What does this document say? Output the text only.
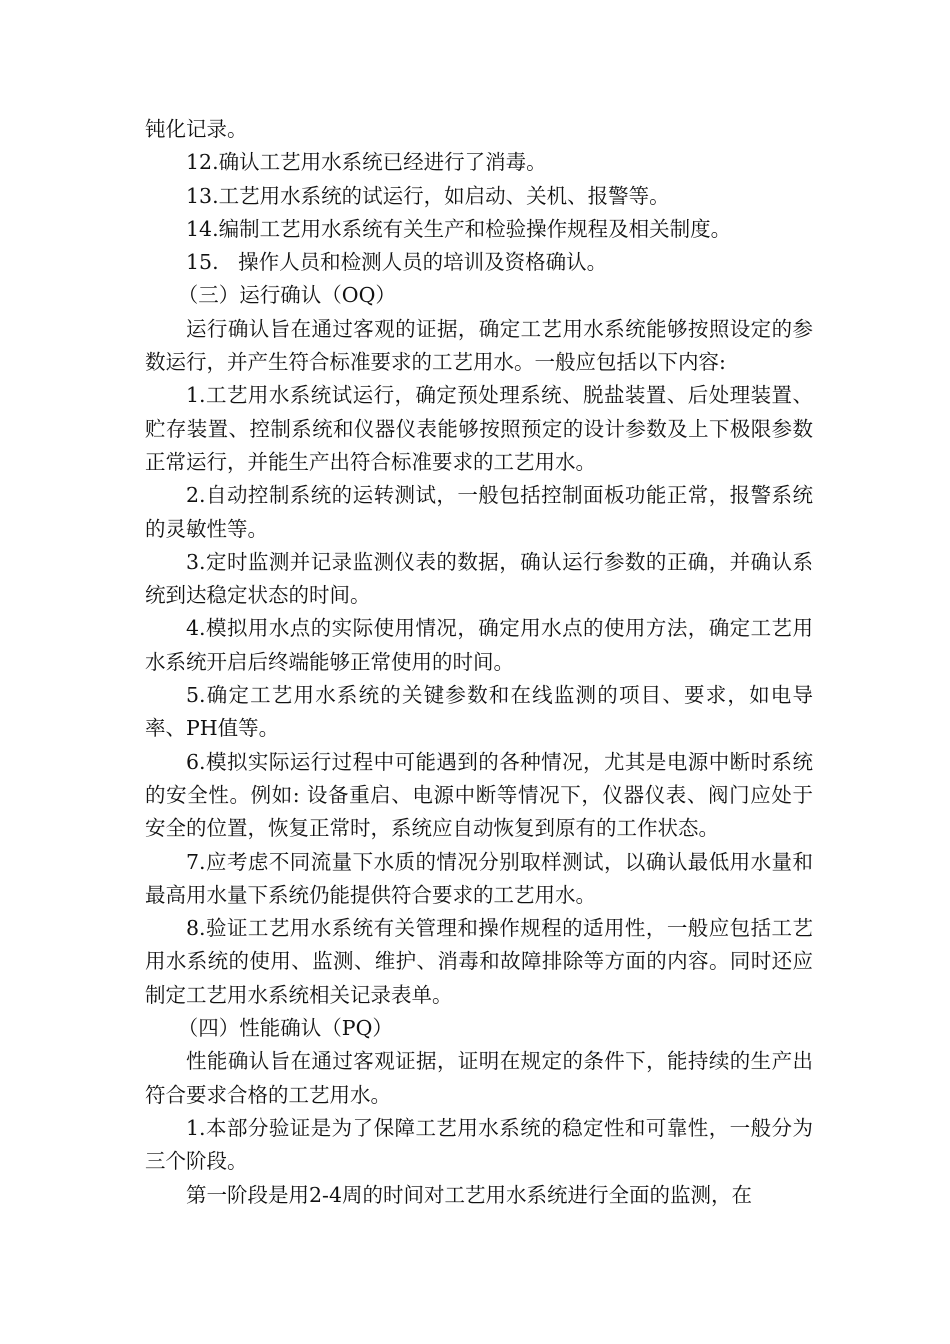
钝化记录。

12.确认工艺用水系统已经进行了消毒。

13.工艺用水系统的试运行，如启动、关机、报警等。

14.编制工艺用水系统有关生产和检验操作规程及相关制度。

15.   操作人员和检测人员的培训及资格确认。

（三）运行确认（OQ）

运行确认旨在通过客观的证据，确定工艺用水系统能够按照设定的参数运行，并产生符合标准要求的工艺用水。一般应包括以下内容:

1.工艺用水系统试运行，确定预处理系统、脱盐装置、后处理装置、贮存装置、控制系统和仪器仪表能够按照预定的设计参数及上下极限参数正常运行，并能生产出符合标准要求的工艺用水。

2.自动控制系统的运转测试，一般包括控制面板功能正常，报警系统的灵敏性等。

3.定时监测并记录监测仪表的数据，确认运行参数的正确，并确认系统到达稳定状态的时间。

4.模拟用水点的实际使用情况，确定用水点的使用方法，确定工艺用水系统开启后终端能够正常使用的时间。

5.确定工艺用水系统的关键参数和在线监测的项目、要求，如电导率、PH值等。

6.模拟实际运行过程中可能遇到的各种情况，尤其是电源中断时系统的安全性。例如: 设备重启、电源中断等情况下，仪器仪表、阀门应处于安全的位置，恢复正常时，系统应自动恢复到原有的工作状态。

7.应考虑不同流量下水质的情况分别取样测试，以确认最低用水量和最高用水量下系统仍能提供符合要求的工艺用水。

8.验证工艺用水系统有关管理和操作规程的适用性，一般应包括工艺用水系统的使用、监测、维护、消毒和故障排除等方面的内容。同时还应制定工艺用水系统相关记录表单。

（四）性能确认（PQ）

性能确认旨在通过客观证据，证明在规定的条件下，能持续的生产出符合要求合格的工艺用水。

1.本部分验证是为了保障工艺用水系统的稳定性和可靠性，一般分为三个阶段。

第一阶段是用2-4周的时间对工艺用水系统进行全面的监测，在
